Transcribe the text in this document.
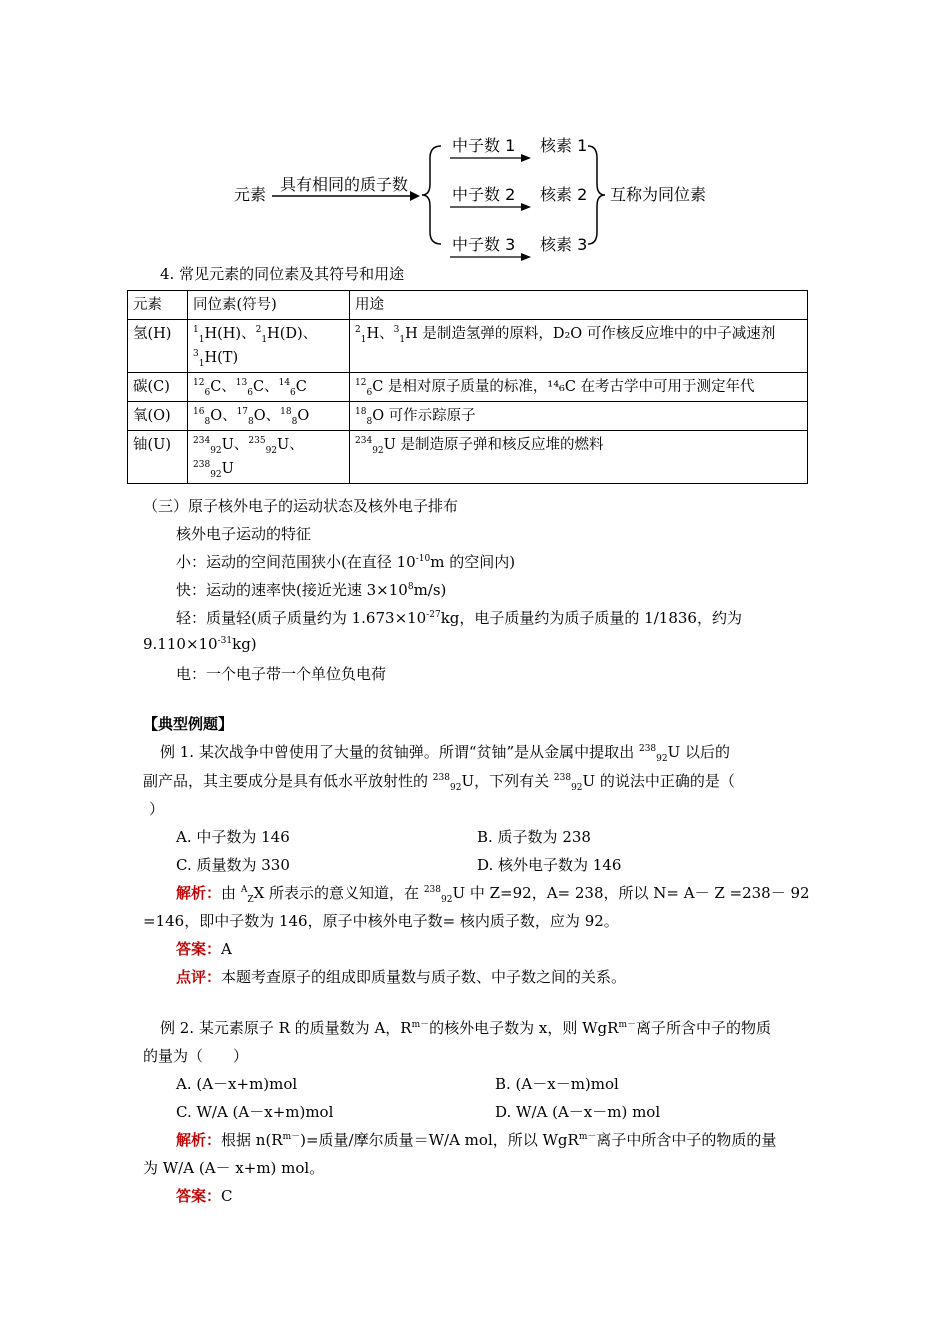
元素
具有相同的质子数
中子数 1
中子数 2
中子数 3
核素 1
核素 2
核素 3
互称为同位素
4. 常见元素的同位素及其符号和用途
元素	同位素(符号)	用途
氢(H)	$^1_1$H(H)、$^2_1$H(D)、$^3_1$H(T)	$^2_1$H、$^3_1$H 是制造氢弹的原料，D₂O 可作核反应堆中的中子减速剂
碳(C)	$^{12}_6$C、$^{13}_6$C、$^{14}_6$C	$^{12}_6$C 是相对原子质量的标准，¹⁴₆C 在考古学中可用于测定年代
氧(O)	$^{16}_8$O、$^{17}_8$O、$^{18}_8$O	$^{18}_8$O 可作示踪原子
铀(U)	$^{234}_{92}$U、$^{235}_{92}$U、$^{238}_{92}$U	$^{234}_{92}$U 是制造原子弹和核反应堆的燃料
（三）原子核外电子的运动状态及核外电子排布
核外电子运动的特征
小：运动的空间范围狭小(在直径 $10^{-10}m$ 的空间内)
快：运动的速率快(接近光速 $3\times 10^8m/s$)
轻：质量轻(质子质量约为 $1.673\times 10^{-27}kg$，电子质量约为质子质量的 1/1836，约为
$9.110\times 10^{-31}kg$)
电：一个电子带一个单位负电荷
【典型例题】
例 1. 某次战争中曾使用了大量的贫铀弹。所谓“贫铀”是从金属中提取出 $^{238}_{92}$U 以后的
副产品，其主要成分是具有低水平放射性的 $^{238}_{92}$U，下列有关 $^{238}_{92}$U 的说法中正确的是（
）
A. 中子数为 146	B. 质子数为 238
C. 质量数为 330	D. 核外电子数为 146
解析：由 $^A_Z$X 所表示的意义知道，在 $^{238}_{92}$U 中 Z=92，A= 238，所以 N= A－ Z =238－ 92
=146，即中子数为 146，原子中核外电子数= 核内质子数，应为 92。
答案：A
点评：本题考查原子的组成即质量数与质子数、中子数之间的关系。
例 2. 某元素原子 R 的质量数为 A，$R^{m-}$的核外电子数为 x，则 WgR$^{m-}$离子所含中子的物质
的量为（　　）
A. (A－x+m)mol	B. (A－x－m)mol
C. W/A (A－x+m)mol	D. W/A (A－x－m) mol
解析：根据 $n(R^{m-})=$质量/摩尔质量＝W/A mol，所以 WgR$^{m-}$离子中所含中子的物质的量
为 W/A (A－ x+m) mol。
答案：C
